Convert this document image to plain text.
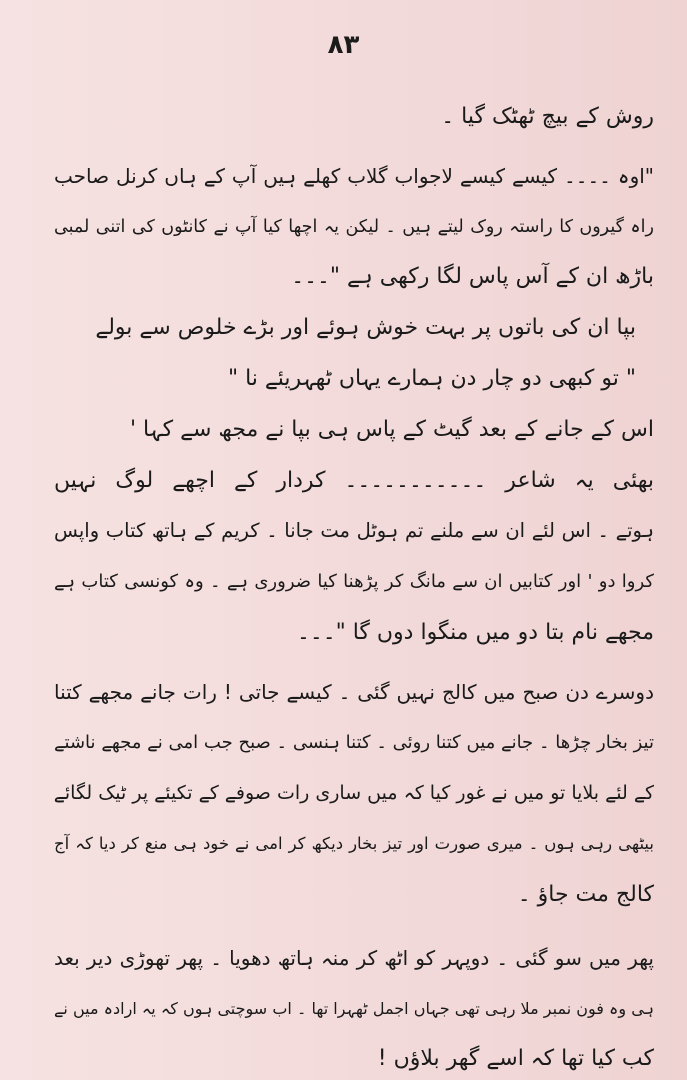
۸۳
روش کے بیچ ٹھٹک گیا ۔
"اوہ ۔۔۔۔ کیسے کیسے لاجواب گلاب کھلے ہیں آپ کے ہاں کرنل صاحب
راہ گیروں کا راستہ روک لیتے ہیں ۔ لیکن یہ اچھا کیا آپ نے کانٹوں کی اتنی لمبی
باڑھ ان کے آس پاس لگا رکھی ہے "۔۔۔
بپا ان کی باتوں پر بہت خوش ہوئے اور بڑے خلوص سے بولے
" تو کبھی دو چار دن ہمارے یہاں ٹھہریئے نا "
اس کے جانے کے بعد گیٹ کے پاس ہی بپا نے مجھ سے کہا '
بھئی یہ شاعر ۔۔۔۔۔۔۔۔۔۔۔ کردار کے اچھے لوگ نہیں
ہوتے ۔ اس لئے ان سے ملنے تم ہوٹل مت جانا ۔ کریم کے ہاتھ کتاب واپس
کروا دو ' اور کتابیں ان سے مانگ کر پڑھنا کیا ضروری ہے ۔ وہ کونسی کتاب ہے
مجھے نام بتا دو میں منگوا دوں گا "۔۔۔
دوسرے دن صبح میں کالج نہیں گئی ۔ کیسے جاتی ! رات جانے مجھے کتنا
تیز بخار چڑھا ۔ جانے میں کتنا روئی ۔ کتنا ہنسی ۔ صبح جب امی نے مجھے ناشتے
کے لئے بلایا تو میں نے غور کیا کہ میں ساری رات صوفے کے تکیئے پر ٹیک لگائے
بیٹھی رہی ہوں ۔ میری صورت اور تیز بخار دیکھ کر امی نے خود ہی منع کر دیا کہ آج
کالج مت جاؤ ۔
پھر میں سو گئی ۔ دوپہر کو اٹھ کر منہ ہاتھ دھویا ۔ پھر تھوڑی دیر بعد
ہی وہ فون نمبر ملا رہی تھی جہاں اجمل ٹھہرا تھا ۔ اب سوچتی ہوں کہ یہ ارادہ میں نے
کب کیا تھا کہ اسے گھر بلاؤں !
